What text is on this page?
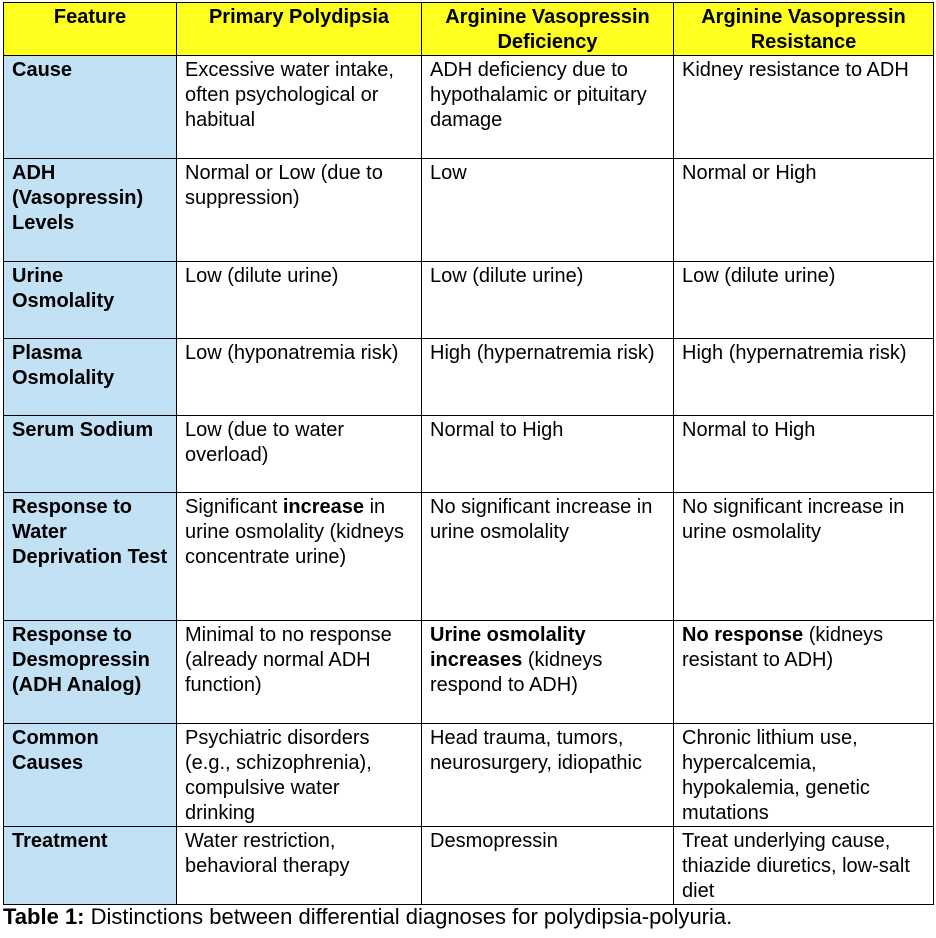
Feature	Primary Polydipsia	Arginine Vasopressin Deficiency	Arginine Vasopressin Resistance
Cause	Excessive water intake, often psychological or habitual	ADH deficiency due to hypothalamic or pituitary damage	Kidney resistance to ADH
ADH (Vasopressin) Levels	Normal or Low (due to suppression)	Low	Normal or High
Urine Osmolality	Low (dilute urine)	Low (dilute urine)	Low (dilute urine)
Plasma Osmolality	Low (hyponatremia risk)	High (hypernatremia risk)	High (hypernatremia risk)
Serum Sodium	Low (due to water overload)	Normal to High	Normal to High
Response to Water Deprivation Test	Significant increase in urine osmolality (kidneys concentrate urine)	No significant increase in urine osmolality	No significant increase in urine osmolality
Response to Desmopressin (ADH Analog)	Minimal to no response (already normal ADH function)	Urine osmolality increases (kidneys respond to ADH)	No response (kidneys resistant to ADH)
Common Causes	Psychiatric disorders (e.g., schizophrenia), compulsive water drinking	Head trauma, tumors, neurosurgery, idiopathic	Chronic lithium use, hypercalcemia, hypokalemia, genetic mutations
Treatment	Water restriction, behavioral therapy	Desmopressin	Treat underlying cause, thiazide diuretics, low-salt diet
Table 1: Distinctions between differential diagnoses for polydipsia-polyuria.
